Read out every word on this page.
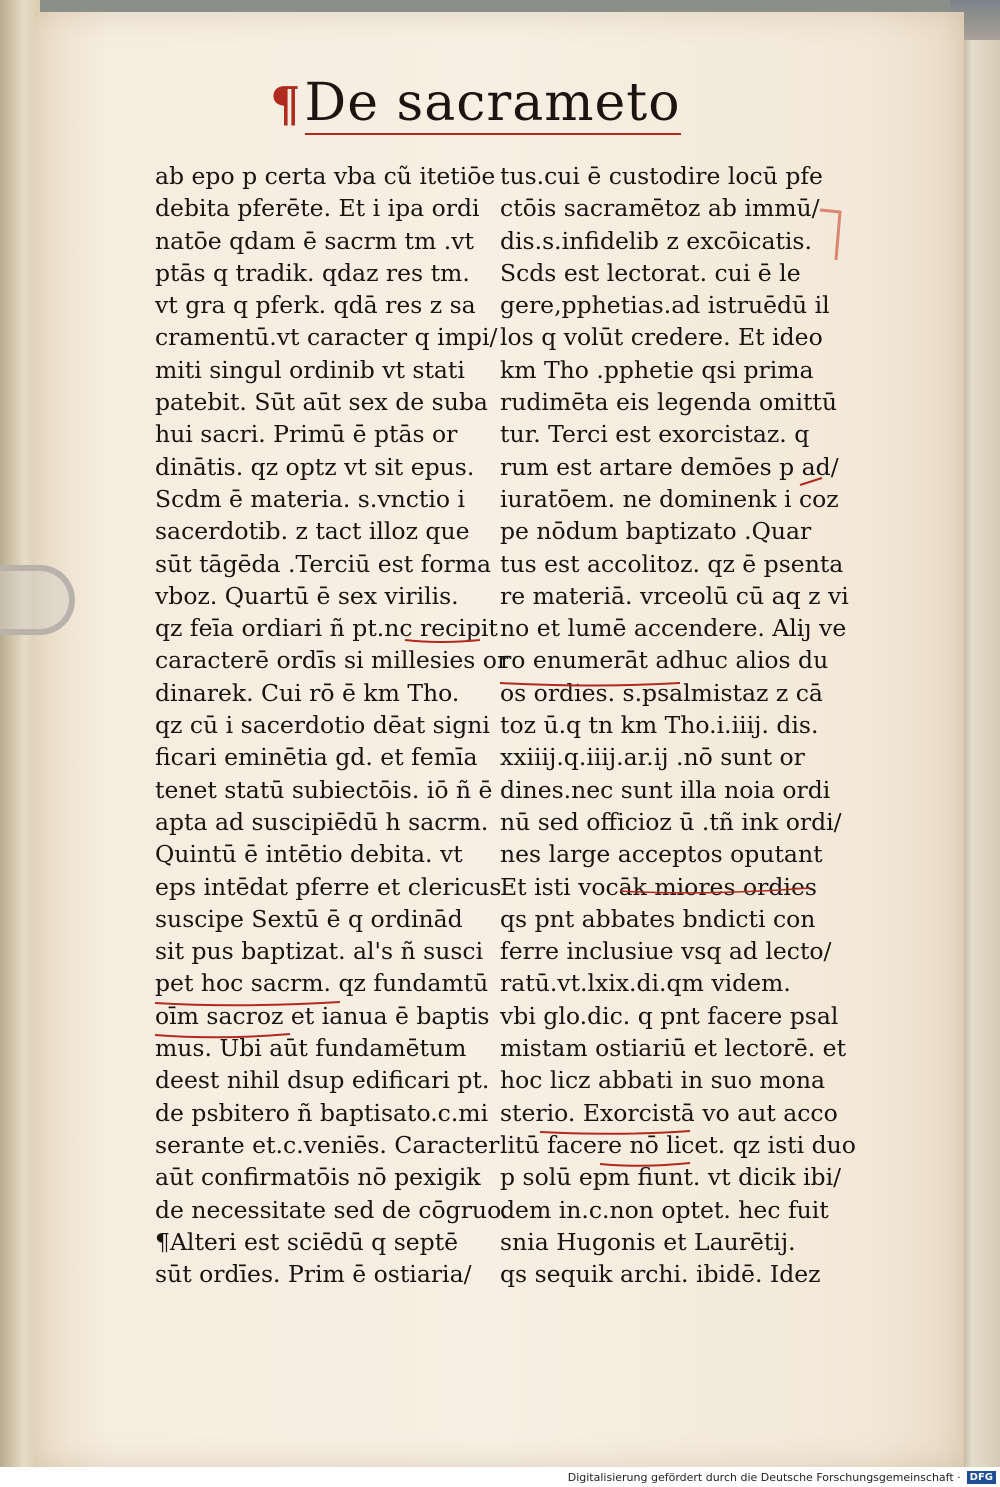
¶ De sacrameto
ab epo p certa vba cũ itetiōe
debita pferēte. Et i ipa ordi
natōe qdam ē sacrm tm .vt
ptās q tradik. qdaz res tm.
vt gra q pferk. qdā res z sa
cramentū.vt caracter q impi/
miti singul ordinib vt stati
patebit. Sūt aūt sex de suba
hui sacri. Primū ē ptās or
dinātis. qz optz vt sit epus.
Scdm ē materia. s.vnctio i
sacerdotib. z tact illoz que
sūt tāgēda .Terciū est forma
vboz. Quartū ē sex virilis.
qz feīa ordiari ñ pt.nc recipit
caracterē ordīs si millesies or
dinarek. Cui rō ē km Tho.
qz cū i sacerdotio dēat signi
ficari eminētia gd. et femīa
tenet statū subiectōis. iō ñ ē
apta ad suscipiēdū h sacrm.
Quintū ē intētio debita. vt
eps intēdat pferre et clericus
suscipe Sextū ē q ordinād
sit pus baptizat. al's ñ susci
pet hoc sacrm. qz fundamtū
oīm sacroz et ianua ē baptis
mus. Ubi aūt fundamētum
deest nihil dsup edificari pt.
de psbitero ñ baptisato.c.mi
serante et.c.veniēs. Caracter
aūt confirmatōis nō pexigik
de necessitate sed de cōgruo.
¶Alteri est sciēdū q septē
sūt ordīes. Prim ē ostiaria/
tus.cui ē custodire locū pfe
ctōis sacramētoz ab immū/
dis.s.infidelib z excōicatis.
Scds est lectorat. cui ē le
gere,pphetias.ad istruēdū il
los q volūt credere. Et ideo
km Tho .pphetie qsi prima
rudimēta eis legenda omittū
tur. Terci est exorcistaz. q
rum est artare demōes p ad/
iuratōem. ne dominenk i coz
pe nōdum baptizato .Quar
tus est accolitoz. qz ē psenta
re materiā. vrceolū cū aq z vi
no et lumē accendere. Aliȷ ve
ro enumerāt adhuc alios du
os ordies. s.psalmistaz z cā
toz ū.q tn km Tho.i.iiij. dis.
xxiiij.q.iiij.ar.ij .nō sunt or
dines.nec sunt illa noia ordi
nū sed officioz ū .tñ ink ordi/
nes large acceptos oputant
Et isti vocāk miores ordies
qs pnt abbates bndicti con
ferre inclusiue vsq ad lecto/
ratū.vt.lxix.di.qm videm.
vbi glo.dic. q pnt facere psal
mistam ostiariū et lectorē. et
hoc licz abbati in suo mona
sterio. Exorcistā vo aut acco
litū facere nō licet. qz isti duo
p solū epm fiunt. vt dicik ibi/
dem in.c.non optet. hec fuit
snia Hugonis et Laurētij.
qs sequik archi. ibidē. Idez
Digitalisierung gefördert durch die Deutsche Forschungsgemeinschaft · DFG
